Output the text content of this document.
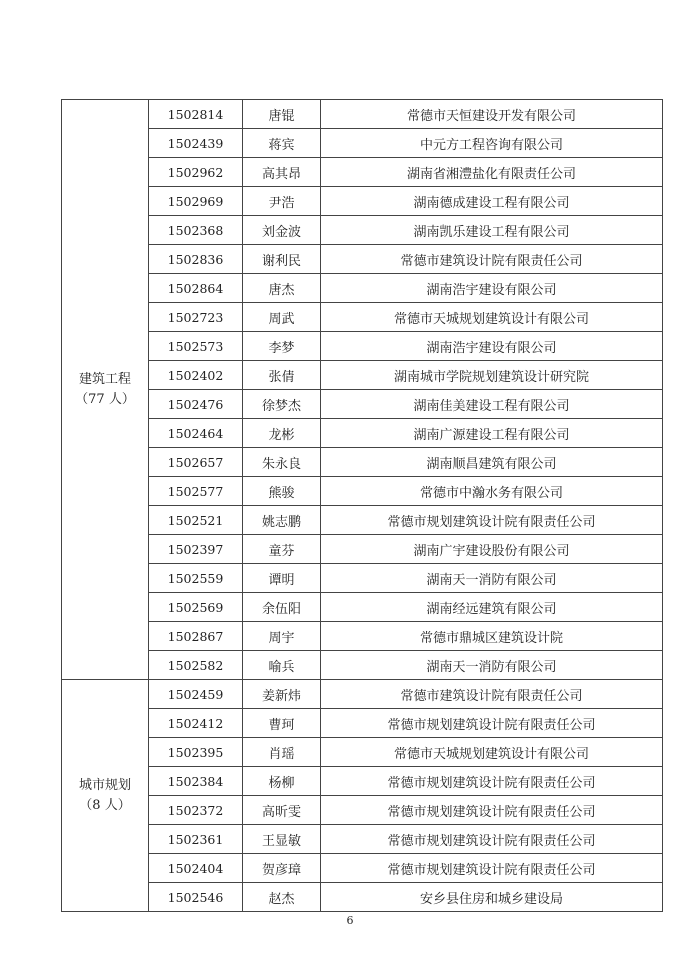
建筑工程
（77 人）	1502814	唐锟	常德市天恒建设开发有限公司
	1502439	蒋宾	中元方工程咨询有限公司
	1502962	高其昂	湖南省湘澧盐化有限责任公司
	1502969	尹浩	湖南德成建设工程有限公司
	1502368	刘金波	湖南凯乐建设工程有限公司
	1502836	谢利民	常德市建筑设计院有限责任公司
	1502864	唐杰	湖南浩宇建设有限公司
	1502723	周武	常德市天城规划建筑设计有限公司
	1502573	李梦	湖南浩宇建设有限公司
	1502402	张倩	湖南城市学院规划建筑设计研究院
	1502476	徐梦杰	湖南佳美建设工程有限公司
	1502464	龙彬	湖南广源建设工程有限公司
	1502657	朱永良	湖南顺昌建筑有限公司
	1502577	熊骏	常德市中瀚水务有限公司
	1502521	姚志鹏	常德市规划建筑设计院有限责任公司
	1502397	童芬	湖南广宇建设股份有限公司
	1502559	谭明	湖南天一消防有限公司
	1502569	余伍阳	湖南经远建筑有限公司
	1502867	周宇	常德市鼎城区建筑设计院
	1502582	喻兵	湖南天一消防有限公司

城市规划
（8 人）	1502459	姜新炜	常德市建筑设计院有限责任公司
	1502412	曹珂	常德市规划建筑设计院有限责任公司
	1502395	肖瑶	常德市天城规划建筑设计有限公司
	1502384	杨柳	常德市规划建筑设计院有限责任公司
	1502372	高昕雯	常德市规划建筑设计院有限责任公司
	1502361	王显敏	常德市规划建筑设计院有限责任公司
	1502404	贺彦璋	常德市规划建筑设计院有限责任公司
	1502546	赵杰	安乡县住房和城乡建设局
6
